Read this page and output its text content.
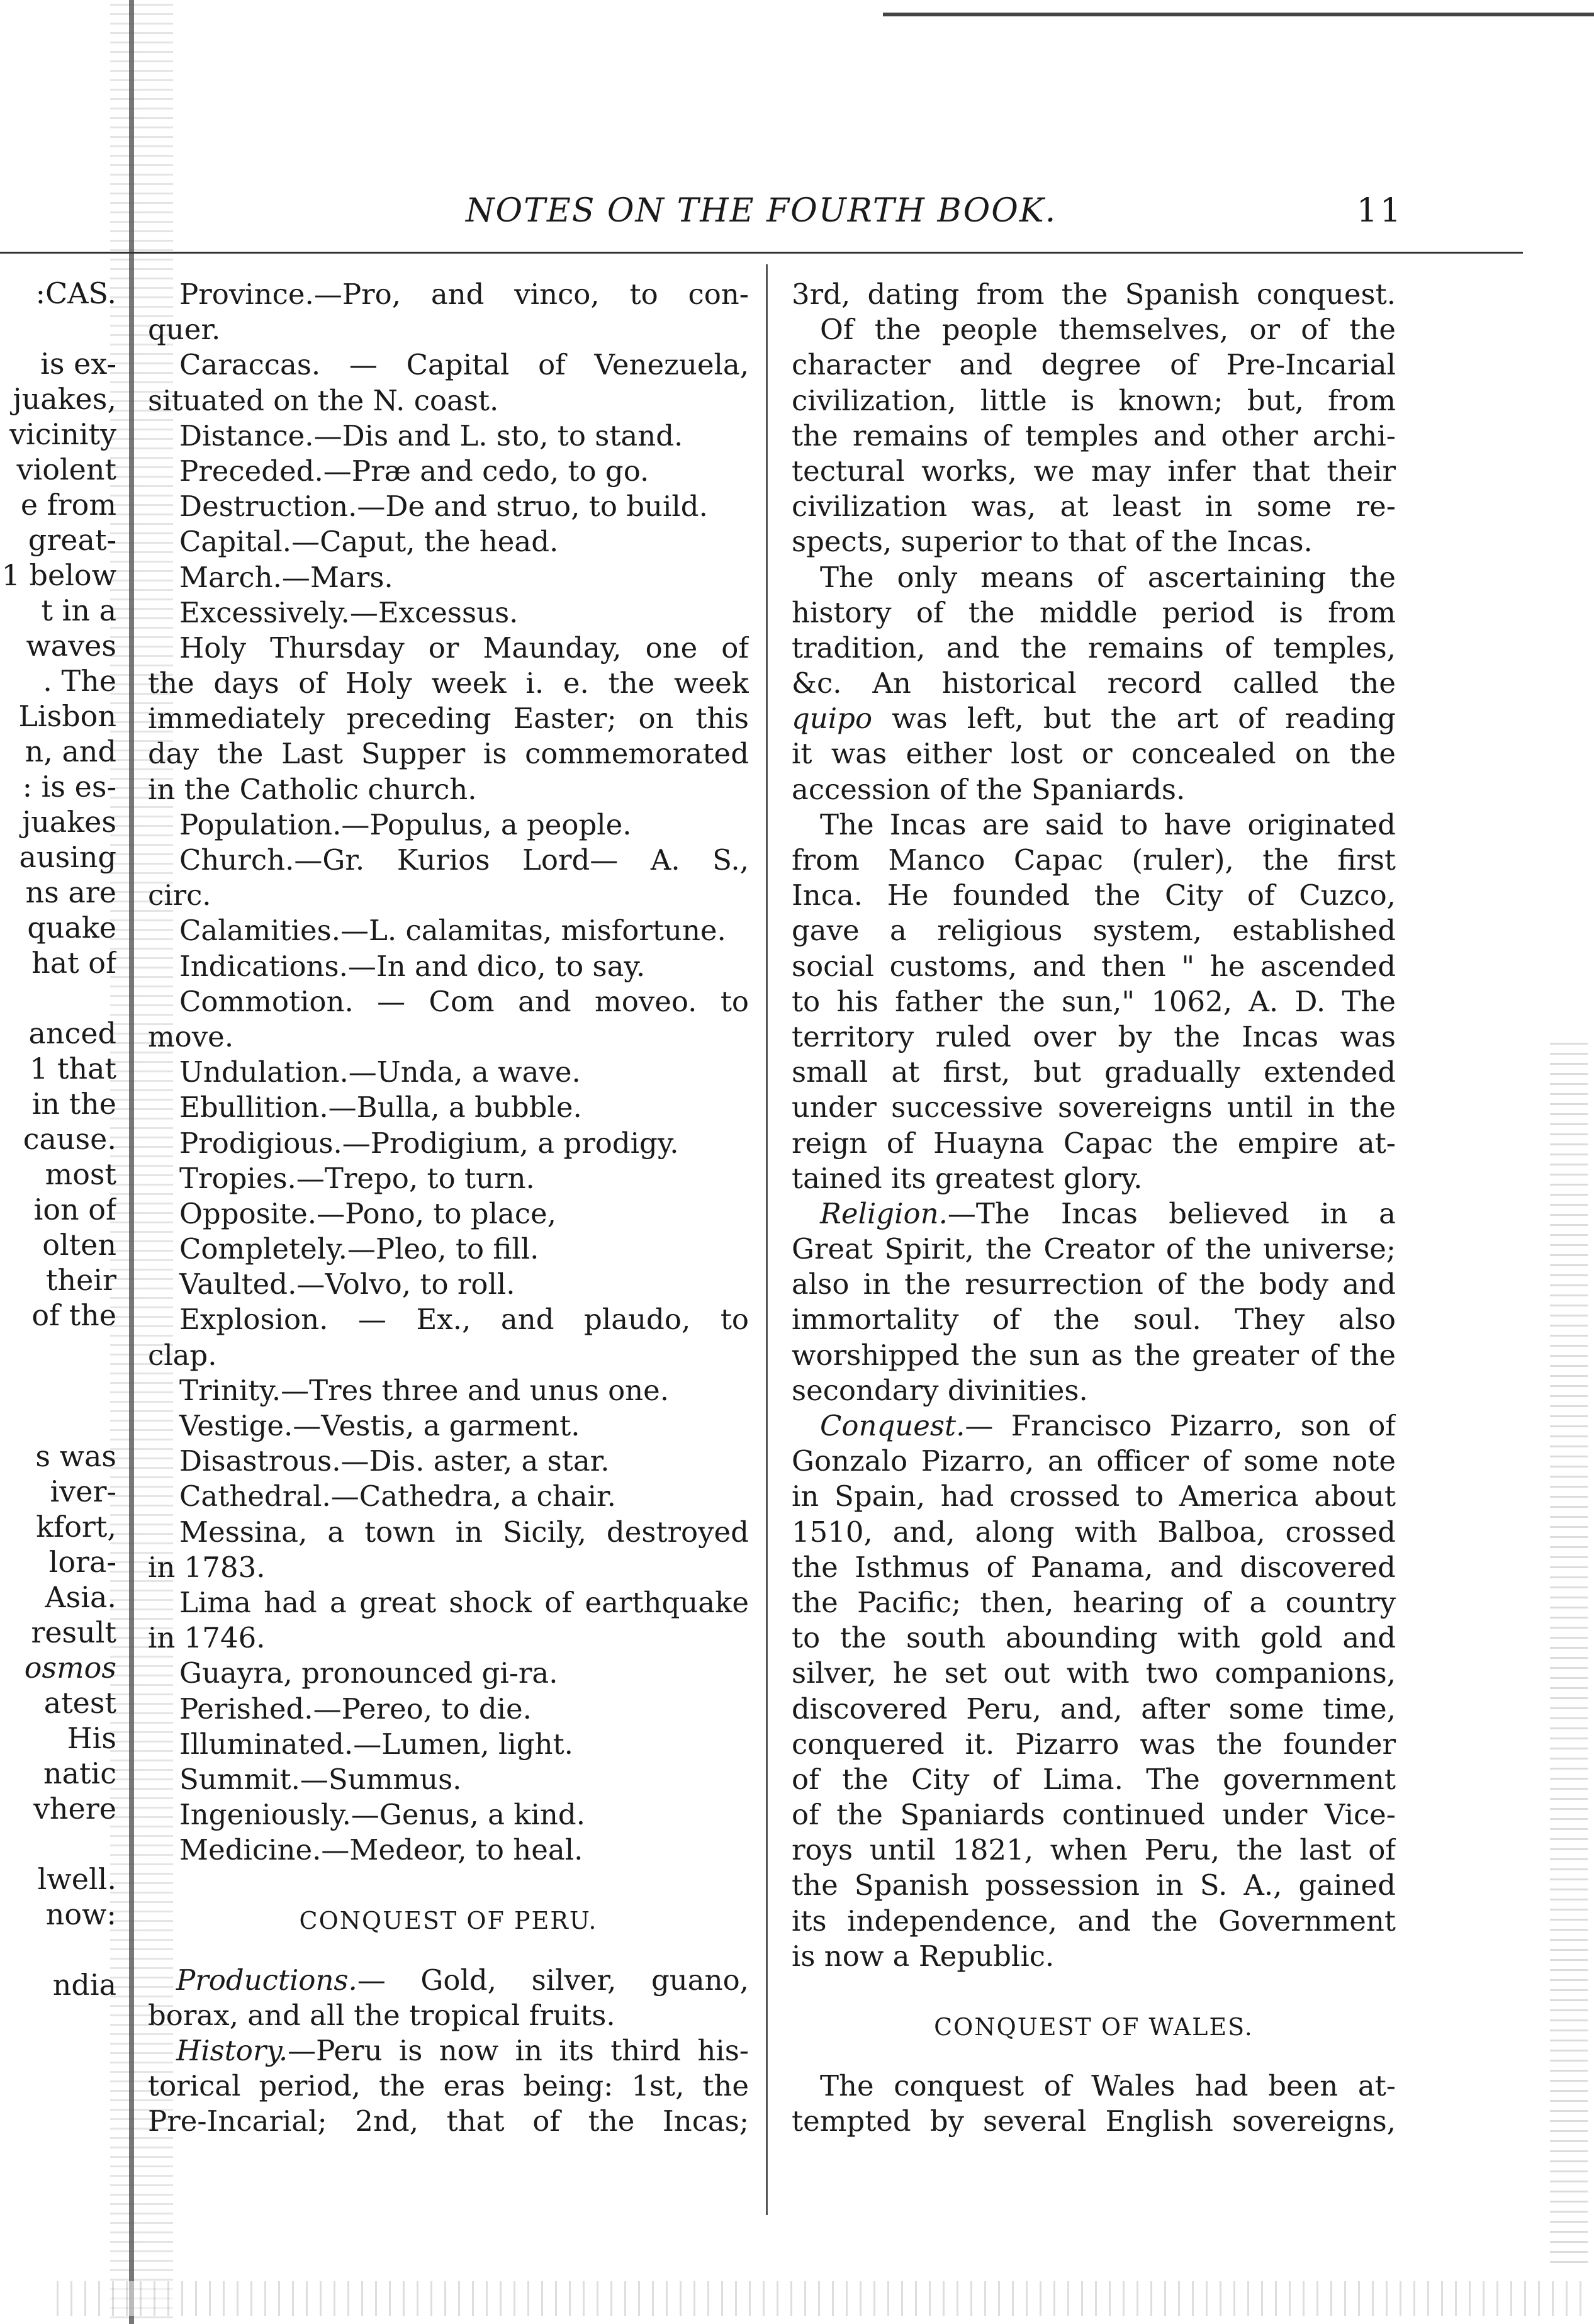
NOTES ON THE FOURTH BOOK.	11
:CAS.
is ex-
juakes,
vicinity
violent
e from
great-
1 below
t in a
waves
. The
Lisbon
n, and
: is es-
juakes
ausing
ns are
quake
hat of
anced
1 that
in the
cause.
most
ion of
olten
their
of the
s was
iver-
kfort,
lora-
Asia.
result
osmos
atest
His
natic
vhere
lwell.
now:
ndia
Province.—Pro, and vinco, to con-
quer.
Caraccas. — Capital of Venezuela,
situated on the N. coast.
Distance.—Dis and L. sto, to stand.
Preceded.—Præ and cedo, to go.
Destruction.—De and struo, to build.
Capital.—Caput, the head.
March.—Mars.
Excessively.—Excessus.
Holy Thursday or Maunday, one of
the days of Holy week i. e. the week
immediately preceding Easter; on this
day the Last Supper is commemorated
in the Catholic church.
Population.—Populus, a people.
Church.—Gr. Kurios Lord— A. S.,
circ.
Calamities.—L. calamitas, misfortune.
Indications.—In and dico, to say.
Commotion. — Com and moveo. to
move.
Undulation.—Unda, a wave.
Ebullition.—Bulla, a bubble.
Prodigious.—Prodigium, a prodigy.
Tropies.—Trepo, to turn.
Opposite.—Pono, to place,
Completely.—Pleo, to fill.
Vaulted.—Volvo, to roll.
Explosion. — Ex., and plaudo, to
clap.
Trinity.—Tres three and unus one.
Vestige.—Vestis, a garment.
Disastrous.—Dis. aster, a star.
Cathedral.—Cathedra, a chair.
Messina, a town in Sicily, destroyed
in 1783.
Lima had a great shock of earthquake
in 1746.
Guayra, pronounced gi-ra.
Perished.—Pereo, to die.
Illuminated.—Lumen, light.
Summit.—Summus.
Ingeniously.—Genus, a kind.
Medicine.—Medeor, to heal.
CONQUEST OF PERU.
Productions.— Gold, silver, guano,
borax, and all the tropical fruits.
History.—Peru is now in its third his-
torical period, the eras being: 1st, the
Pre-Incarial; 2nd, that of the Incas;
3rd, dating from the Spanish conquest.
Of the people themselves, or of the
character and degree of Pre-Incarial
civilization, little is known; but, from
the remains of temples and other archi-
tectural works, we may infer that their
civilization was, at least in some re-
spects, superior to that of the Incas.
The only means of ascertaining the
history of the middle period is from
tradition, and the remains of temples,
&c. An historical record called the
quipo was left, but the art of reading
it was either lost or concealed on the
accession of the Spaniards.
The Incas are said to have originated
from Manco Capac (ruler), the first
Inca. He founded the City of Cuzco,
gave a religious system, established
social customs, and then " he ascended
to his father the sun," 1062, A. D. The
territory ruled over by the Incas was
small at first, but gradually extended
under successive sovereigns until in the
reign of Huayna Capac the empire at-
tained its greatest glory.
Religion.—The Incas believed in a
Great Spirit, the Creator of the universe;
also in the resurrection of the body and
immortality of the soul. They also
worshipped the sun as the greater of the
secondary divinities.
Conquest.— Francisco Pizarro, son of
Gonzalo Pizarro, an officer of some note
in Spain, had crossed to America about
1510, and, along with Balboa, crossed
the Isthmus of Panama, and discovered
the Pacific; then, hearing of a country
to the south abounding with gold and
silver, he set out with two companions,
discovered Peru, and, after some time,
conquered it. Pizarro was the founder
of the City of Lima. The government
of the Spaniards continued under Vice-
roys until 1821, when Peru, the last of
the Spanish possession in S. A., gained
its independence, and the Government
is now a Republic.
CONQUEST OF WALES.
The conquest of Wales had been at-
tempted by several English sovereigns,
